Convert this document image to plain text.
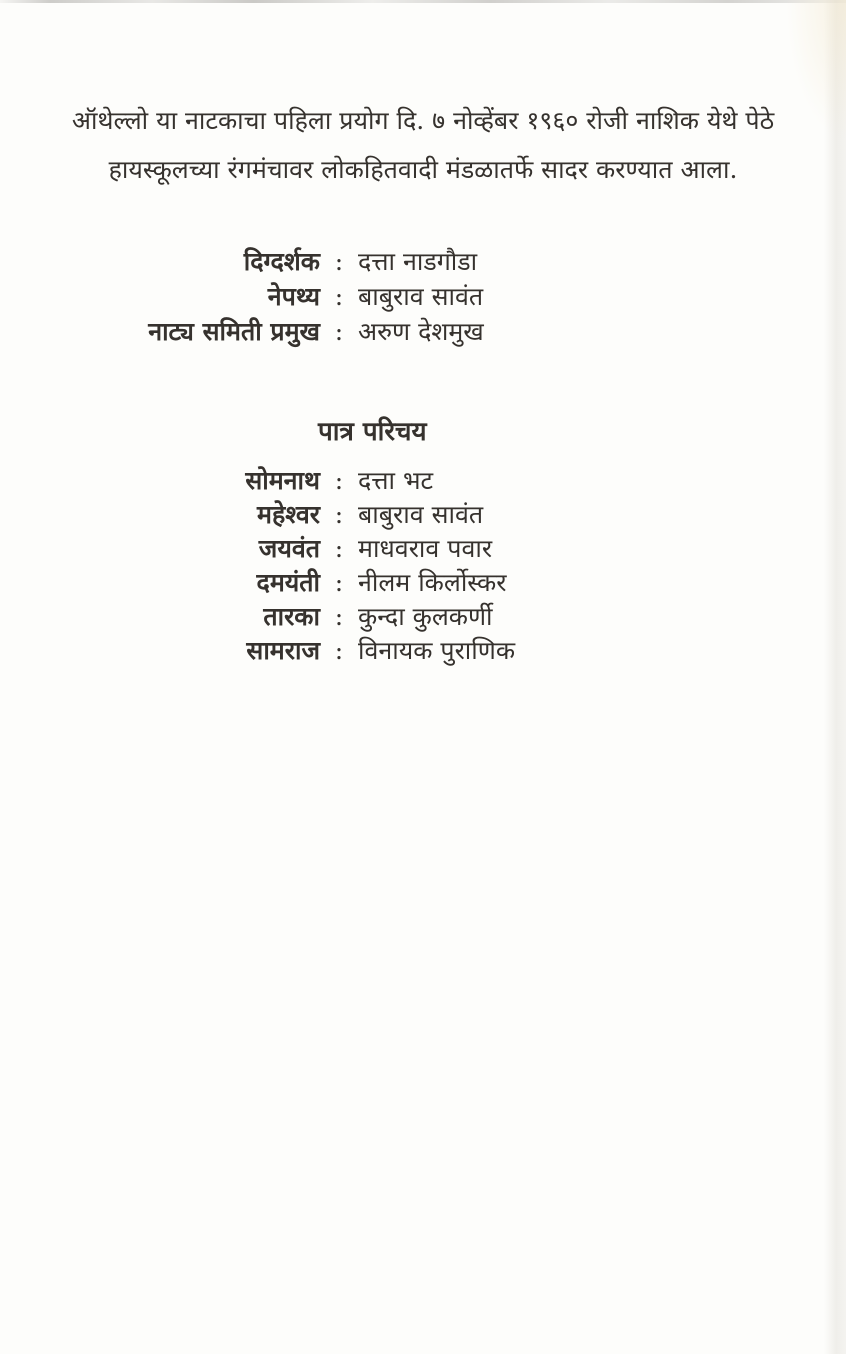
ऑथेल्लो या नाटकाचा पहिला प्रयोग दि. ७ नोव्हेंबर १९६० रोजी नाशिक येथे पेठे
हायस्कूलच्या रंगमंचावर लोकहितवादी मंडळातर्फे सादर करण्यात आला.

दिग्दर्शक : दत्ता नाडगौडा
नेपथ्य : बाबुराव सावंत
नाट्य समिती प्रमुख : अरुण देशमुख
पात्र परिचय
सोमनाथ : दत्ता भट
महेश्वर : बाबुराव सावंत
जयवंत : माधवराव पवार
दमयंती : नीलम किर्लोस्कर
तारका : कुन्दा कुलकर्णी
सामराज : विनायक पुराणिक
